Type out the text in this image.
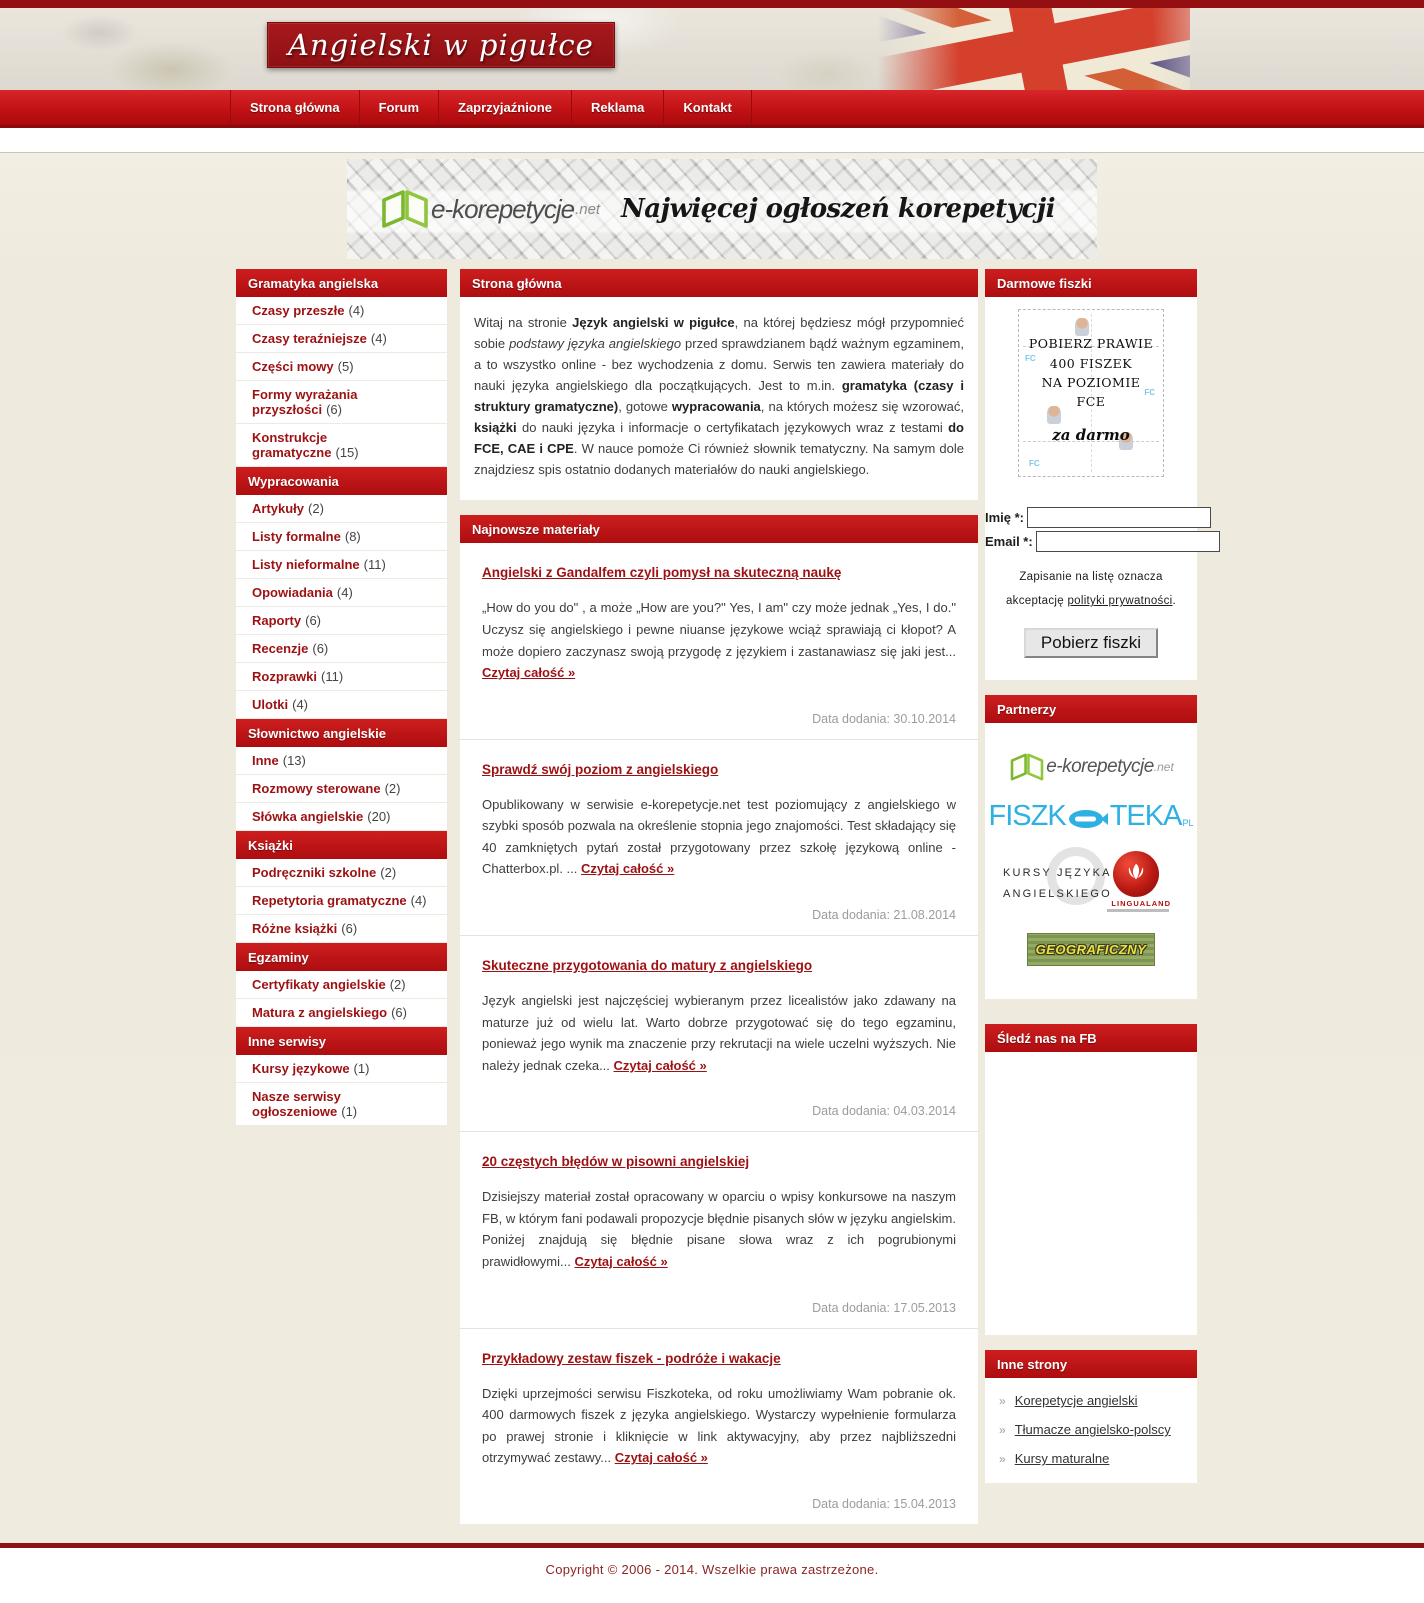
Angielski w pigułce
Strona główna	Forum	Zaprzyjaźnione	Reklama	Kontakt
e-korepetycje .net Najwięcej ogłoszeń korepetycji
Gramatyka angielska
Czasy przeszłe (4)
Czasy teraźniejsze (4)
Części mowy (5)
Formy wyrażania przyszłości (6)
Konstrukcje gramatyczne (15)
Wypracowania
Artykuły (2)
Listy formalne (8)
Listy nieformalne (11)
Opowiadania (4)
Raporty (6)
Recenzje (6)
Rozprawki (11)
Ulotki (4)
Słownictwo angielskie
Inne (13)
Rozmowy sterowane (2)
Słówka angielskie (20)
Książki
Podręczniki szkolne (2)
Repetytoria gramatyczne (4)
Różne książki (6)
Egzaminy
Certyfikaty angielskie (2)
Matura z angielskiego (6)
Inne serwisy
Kursy językowe (1)
Nasze serwisy ogłoszeniowe (1)
Strona główna

Witaj na stronie Język angielski w pigułce, na której będziesz mógł przypomnieć sobie podstawy języka angielskiego przed sprawdzianem bądź ważnym egzaminem, a to wszystko online - bez wychodzenia z domu. Serwis ten zawiera materiały do nauki języka angielskiego dla początkujących. Jest to m.in. gramatyka (czasy i struktury gramatyczne), gotowe wypracowania, na których możesz się wzorować, książki do nauki języka i informacje o certyfikatach językowych wraz z testami do FCE, CAE i CPE. W nauce pomoże Ci również słownik tematyczny. Na samym dole znajdziesz spis ostatnio dodanych materiałów do nauki angielskiego.

Najnowsze materiały
Angielski z Gandalfem czyli pomysł na skuteczną naukę

„How do you do" , a może „How are you?" Yes, I am" czy może jednak „Yes, I do." Uczysz się angielskiego i pewne niuanse językowe wciąż sprawiają ci kłopot? A może dopiero zaczynasz swoją przygodę z językiem i zastanawiasz się jaki jest... Czytaj całość »

Data dodania: 30.10.2014
Sprawdź swój poziom z angielskiego

Opublikowany w serwisie e-korepetycje.net test poziomujący z angielskiego w szybki sposób pozwala na określenie stopnia jego znajomości. Test składający się 40 zamkniętych pytań został przygotowany przez szkołę językową online - Chatterbox.pl. ... Czytaj całość »

Data dodania: 21.08.2014
Skuteczne przygotowania do matury z angielskiego

Język angielski jest najczęściej wybieranym przez licealistów jako zdawany na maturze już od wielu lat. Warto dobrze przygotować się do tego egzaminu, ponieważ jego wynik ma znaczenie przy rekrutacji na wiele uczelni wyższych. Nie należy jednak czeka... Czytaj całość »

Data dodania: 04.03.2014
20 częstych błędów w pisowni angielskiej

Dzisiejszy materiał został opracowany w oparciu o wpisy konkursowe na naszym FB, w którym fani podawali propozycje błędnie pisanych słów w języku angielskim. Poniżej znajdują się błędnie pisane słowa wraz z ich pogrubionymi prawidłowymi... Czytaj całość »

Data dodania: 17.05.2013
Przykładowy zestaw fiszek - podróże i wakacje

Dzięki uprzejmości serwisu Fiszkoteka, od roku umożliwiamy Wam pobranie ok. 400 darmowych fiszek z języka angielskiego. Wystarczy wypełnienie formularza po prawej stronie i kliknięcie w link aktywacyjny, aby przez najbliższedni otrzymywać zestawy... Czytaj całość »

Data dodania: 15.04.2013
Darmowe fiszki
FC
FC
FC
POBIERZ PRAWIE
400 FISZEK
NA POZIOMIE
FCE
za darmo
Imię *:
Email *:
Zapisanie na listę oznacza akceptację polityki prywatności.
Pobierz fiszki
Partnerzy
e-korepetycje .net
FISZK TEKA PL
KURSY JĘZYKA
ANGIELSKIEGO
LINGUALAND
GEOGRAFICZNY
Śledź nas na FB
Inne strony
» Korepetycje angielski
» Tłumacze angielsko-polscy
» Kursy maturalne
Copyright © 2006 - 2014. Wszelkie prawa zastrzeżone.
